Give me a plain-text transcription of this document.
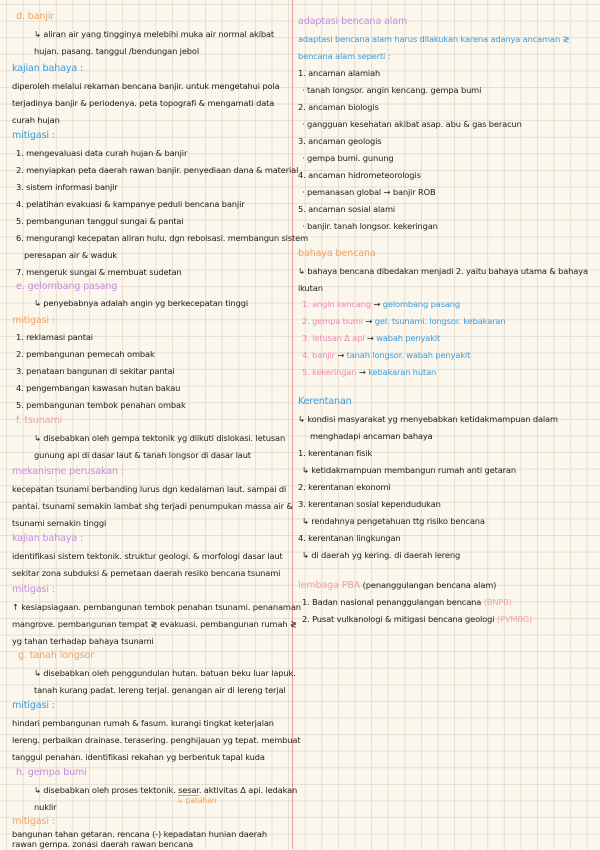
d. banjir
↳ aliran air yang tingginya melebihi muka air normal akibat
hujan. pasang. tanggul /bendungan jebol
kajian bahaya :
diperoleh melalui rekaman bencana banjir. untuk mengetahui pola
terjadinya banjir & periodenya. peta topografi & mengamati data
curah hujan
mitigasi :
1. mengevaluasi data curah hujan & banjir
2. menyiapkan peta daerah rawan banjir. penyediaan dana & material
3. sistem informasi banjir
4. pelatihan evakuasi & kampanye peduli bencana banjir
5. pembangunan tanggul sungai & pantai
6. mengurangi kecepatan aliran hulu. dgn reboisasi. membangun sistem
peresapan air & waduk
7. mengeruk sungai & membuat sudetan
e. gelombang pasang
↳ penyebabnya adalah angin yg berkecepatan tinggi
mitigasi :
1. reklamasi pantai
2. pembangunan pemecah ombak
3. penataan bangunan di sekitar pantai
4. pengembangan kawasan hutan bakau
5. pembangunan tembok penahan ombak
f. tsunami
↳ disebabkan oleh gempa tektonik yg diikuti dislokasi. letusan
gunung api di dasar laut & tanah longsor di dasar laut
mekanisme perusakan :
kecepatan tsunami berbanding lurus dgn kedalaman laut. sampai di
pantai. tsunami semakin lambat shg terjadi penumpukan massa air &
tsunami semakin tinggi
kajian bahaya :
identifikasi sistem tektonik. struktur geologi. & morfologi dasar laut
sekitar zona subduksi & pemetaan daerah resiko bencana tsunami
mitigasi :
↑ kesiapsiagaan. pembangunan tembok penahan tsunami. penanaman
mangrove. pembangunan tempat ≷ evakuasi. pembangunan rumah ≷
yg tahan terhadap bahaya tsunami
g. tanah longsor
↳ disebabkan oleh penggundulan hutan. batuan beku luar lapuk.
tanah kurang padat. lereng terjal. genangan air di lereng terjal
mitigasi :
hindari pembangunan rumah & fasum. kurangi tingkat keterjalan
lereng. perbaikan drainase. terasering. penghijauan yg tepat. membuat
tanggul penahan. identifikasi rekahan yg berbentuk tapal kuda
h. gempa bumi
↳ disebabkan oleh proses tektonik. sesar. aktivitas Δ api. ledakan
↳ patahan
nuklir
mitigasi :
bangunan tahan getaran. rencana (-) kepadatan hunian daerah
rawan gempa. zonasi daerah rawan bencana
adaptasi bencana alam
adaptasi bencana alam harus dilakukan karena adanya ancaman ≷
bencana alam seperti :
1. ancaman alamiah
· tanah longsor. angin kencang. gempa bumi
2. ancaman biologis
· gangguan kesehatan akibat asap. abu & gas beracun
3. ancaman geologis
· gempa bumi. gunung
4. ancaman hidrometeorologis
· pemanasan global → banjir ROB
5. ancaman sosial alami
· banjir. tanah longsor. kekeringan
bahaya bencana
↳ bahaya bencana dibedakan menjadi 2. yaitu bahaya utama & bahaya
ikutan
1. angin kencang → gelombang pasang
2. gempa bumi → gel. tsunami. longsor. kebakaran
3. letusan Δ api → wabah penyakit
4. banjir → tanah longsor. wabah penyakit
5. kekeringan → kebakaran hutan
Kerentanan
↳ kondisi masyarakat yg menyebabkan ketidakmampuan dalam
menghadapi ancaman bahaya
1. kerentanan fisik
↳ ketidakmampuan membangun rumah anti getaran
2. kerentanan ekonomi
3. kerentanan sosial kependudukan
↳ rendahnya pengetahuan ttg risiko bencana
4. kerentanan lingkungan
↳ di daerah yg kering. di daerah lereng
lembaga PBA (penanggulangan bencana alam)
1. Badan nasional penanggulangan bencana (BNPB)
2. Pusat vulkanologi & mitigasi bencana geologi (PVMBG)
